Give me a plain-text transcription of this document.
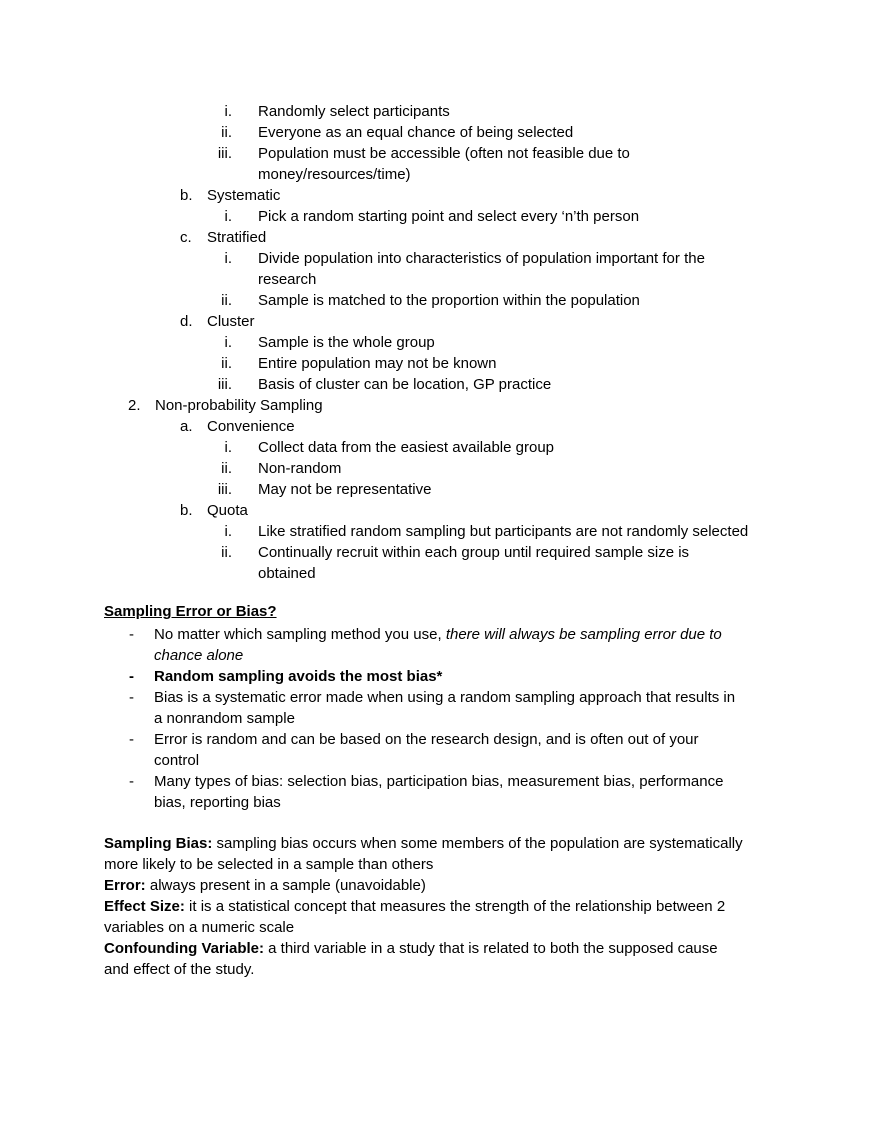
i. Randomly select participants
ii. Everyone as an equal chance of being selected
iii. Population must be accessible (often not feasible due to
money/resources/time)
b. Systematic
i. Pick a random starting point and select every ‘n’th person
c.	Stratified
i. Divide population into characteristics of population important for the
research
ii. Sample is matched to the proportion within the population
d. Cluster
i. Sample is the whole group
ii. Entire population may not be known
iii. Basis of cluster can be location, GP practice
2. Non-probability Sampling
a. Convenience
i. Collect data from the easiest available group
ii. Non-random
iii. May not be representative
b. Quota
i. Like stratified random sampling but participants are not randomly selected
ii. Continually recruit within each group until required sample size is
obtained
Sampling Error or Bias?
-	No matter which sampling method you use, there will always be sampling error due to
chance alone
-	Random sampling avoids the most bias*
-	Bias is a systematic error made when using a random sampling approach that results in
a nonrandom sample
-	Error is random and can be based on the research design, and is often out of your
control
-	Many types of bias: selection bias, participation bias, measurement bias, performance
bias, reporting bias
Sampling Bias: sampling bias occurs when some members of the population are systematically
more likely to be selected in a sample than others
Error: always present in a sample (unavoidable)
Effect Size: it is a statistical concept that measures the strength of the relationship between 2
variables on a numeric scale
Confounding Variable: a third variable in a study that is related to both the supposed cause
and effect of the study.
